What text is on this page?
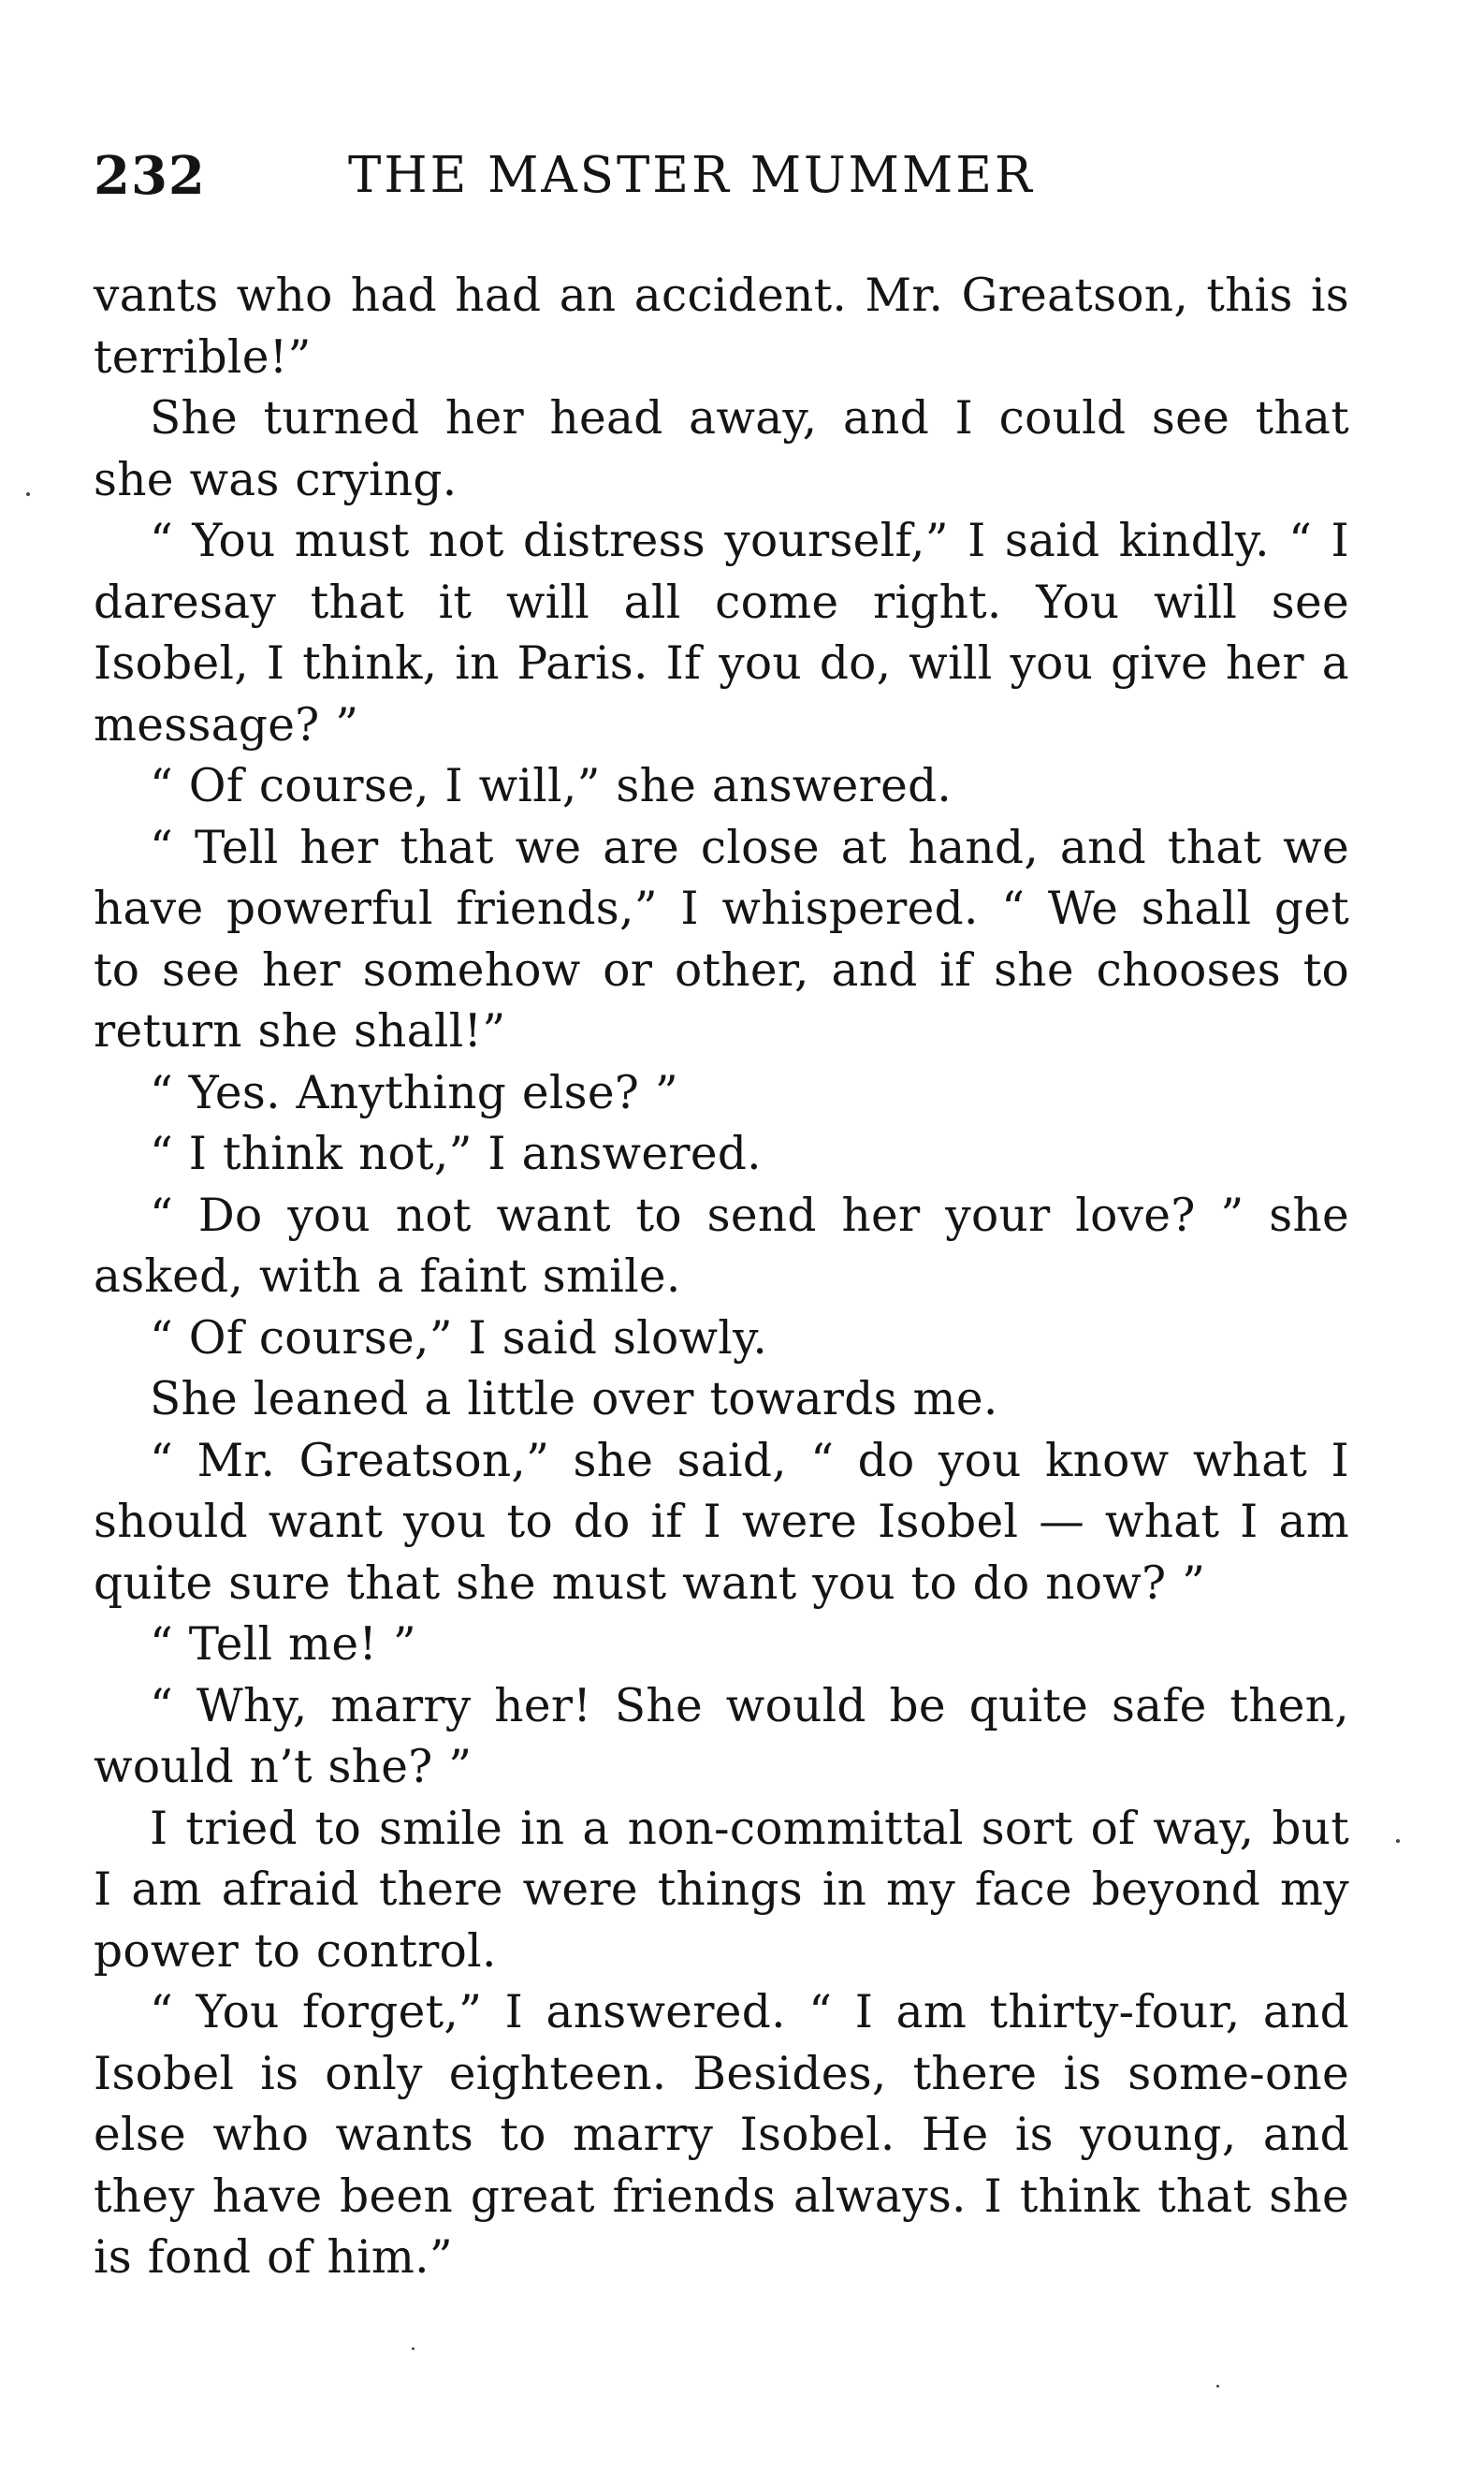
232	THE MASTER MUMMER

vants who had had an accident. Mr. Greatson, this is terrible!”

She turned her head away, and I could see that she was crying.

“ You must not distress yourself,” I said kindly. “ I daresay that it will all come right. You will see Isobel, I think, in Paris. If you do, will you give her a message? ”

“ Of course, I will,” she answered.

“ Tell her that we are close at hand, and that we have powerful friends,” I whispered. “ We shall get to see her somehow or other, and if she chooses to return she shall!”

“ Yes. Anything else? ”

“ I think not,” I answered.

“ Do you not want to send her your love? ” she asked, with a faint smile.

“ Of course,” I said slowly.

She leaned a little over towards me.

“ Mr. Greatson,” she said, “ do you know what I should want you to do if I were Isobel — what I am quite sure that she must want you to do now? ”

“ Tell me! ”

“ Why, marry her! She would be quite safe then, would n’t she? ”

I tried to smile in a non-committal sort of way, but I am afraid there were things in my face beyond my power to control.

“ You forget,” I answered. “ I am thirty-four, and Isobel is only eighteen. Besides, there is some-one else who wants to marry Isobel. He is young, and they have been great friends always. I think that she is fond of him.”
